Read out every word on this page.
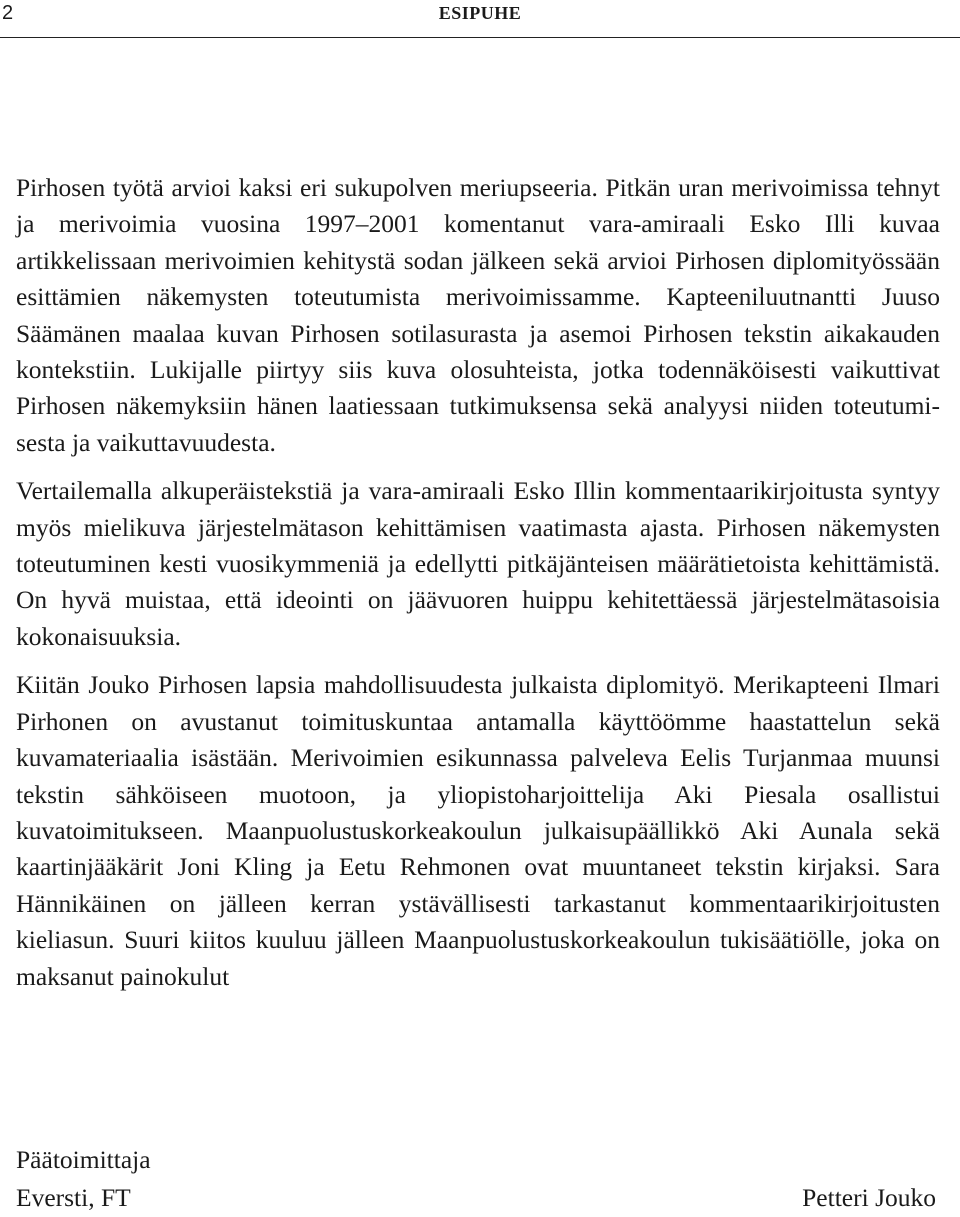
2	ESIPUHE

Pirhosen työtä arvioi kaksi eri sukupolven meriupseeria. Pitkän uran merivoimissa tehnyt ja merivoimia vuosina 1997–2001 komentanut vara-amiraali Esko Illi kuvaa artikkelissaan merivoimien kehitystä sodan jälkeen sekä arvioi Pirhosen diplomityössään esittämien näkemysten toteutumista merivoimissamme. Kapteeniluutnantti Juuso Säämänen maalaa kuvan Pirhosen sotilasurasta ja asemoi Pirhosen tekstin aikakauden kontekstiin. Lukijalle piirtyy siis kuva olosuhteista, jotka todennäköisesti vaikuttivat Pirhosen näkemyksiin hänen laatiessaan tutkimuksensa sekä analyysi niiden toteutumisesta ja vaikuttavuudesta.

Vertailemalla alkuperäistekstiä ja vara-amiraali Esko Illin kommentaarikirjoitusta syntyy myös mielikuva järjestelmätason kehittämisen vaatimasta ajasta. Pirhosen näkemysten toteutuminen kesti vuosikymmeniä ja edellytti pitkäjänteisen määrätietoista kehittämistä. On hyvä muistaa, että ideointi on jäävuoren huippu kehitettäessä järjestelmätasoisia kokonaisuuksia.

Kiitän Jouko Pirhosen lapsia mahdollisuudesta julkaista diplomityö. Merikapteeni Ilmari Pirhonen on avustanut toimituskuntaa antamalla käyttöömme haastattelun sekä kuvamateriaalia isästään. Merivoimien esikunnassa palveleva Eelis Turjanmaa muunsi tekstin sähköiseen muotoon, ja yliopistoharjoittelija Aki Piesala osallistui kuvatoimitukseen. Maanpuolustuskorkeakoulun julkaisupäällikkö Aki Aunala sekä kaartinjääkärit Joni Kling ja Eetu Rehmonen ovat muuntaneet tekstin kirjaksi. Sara Hännikäinen on jälleen kerran ystävällisesti tarkastanut kommentaarikirjoitusten kieliasun. Suuri kiitos kuuluu jälleen Maanpuolustuskorkeakoulun tukisäätiölle, joka on maksanut painokulut

Päätoimittaja
Eversti, FT	Petteri Jouko
